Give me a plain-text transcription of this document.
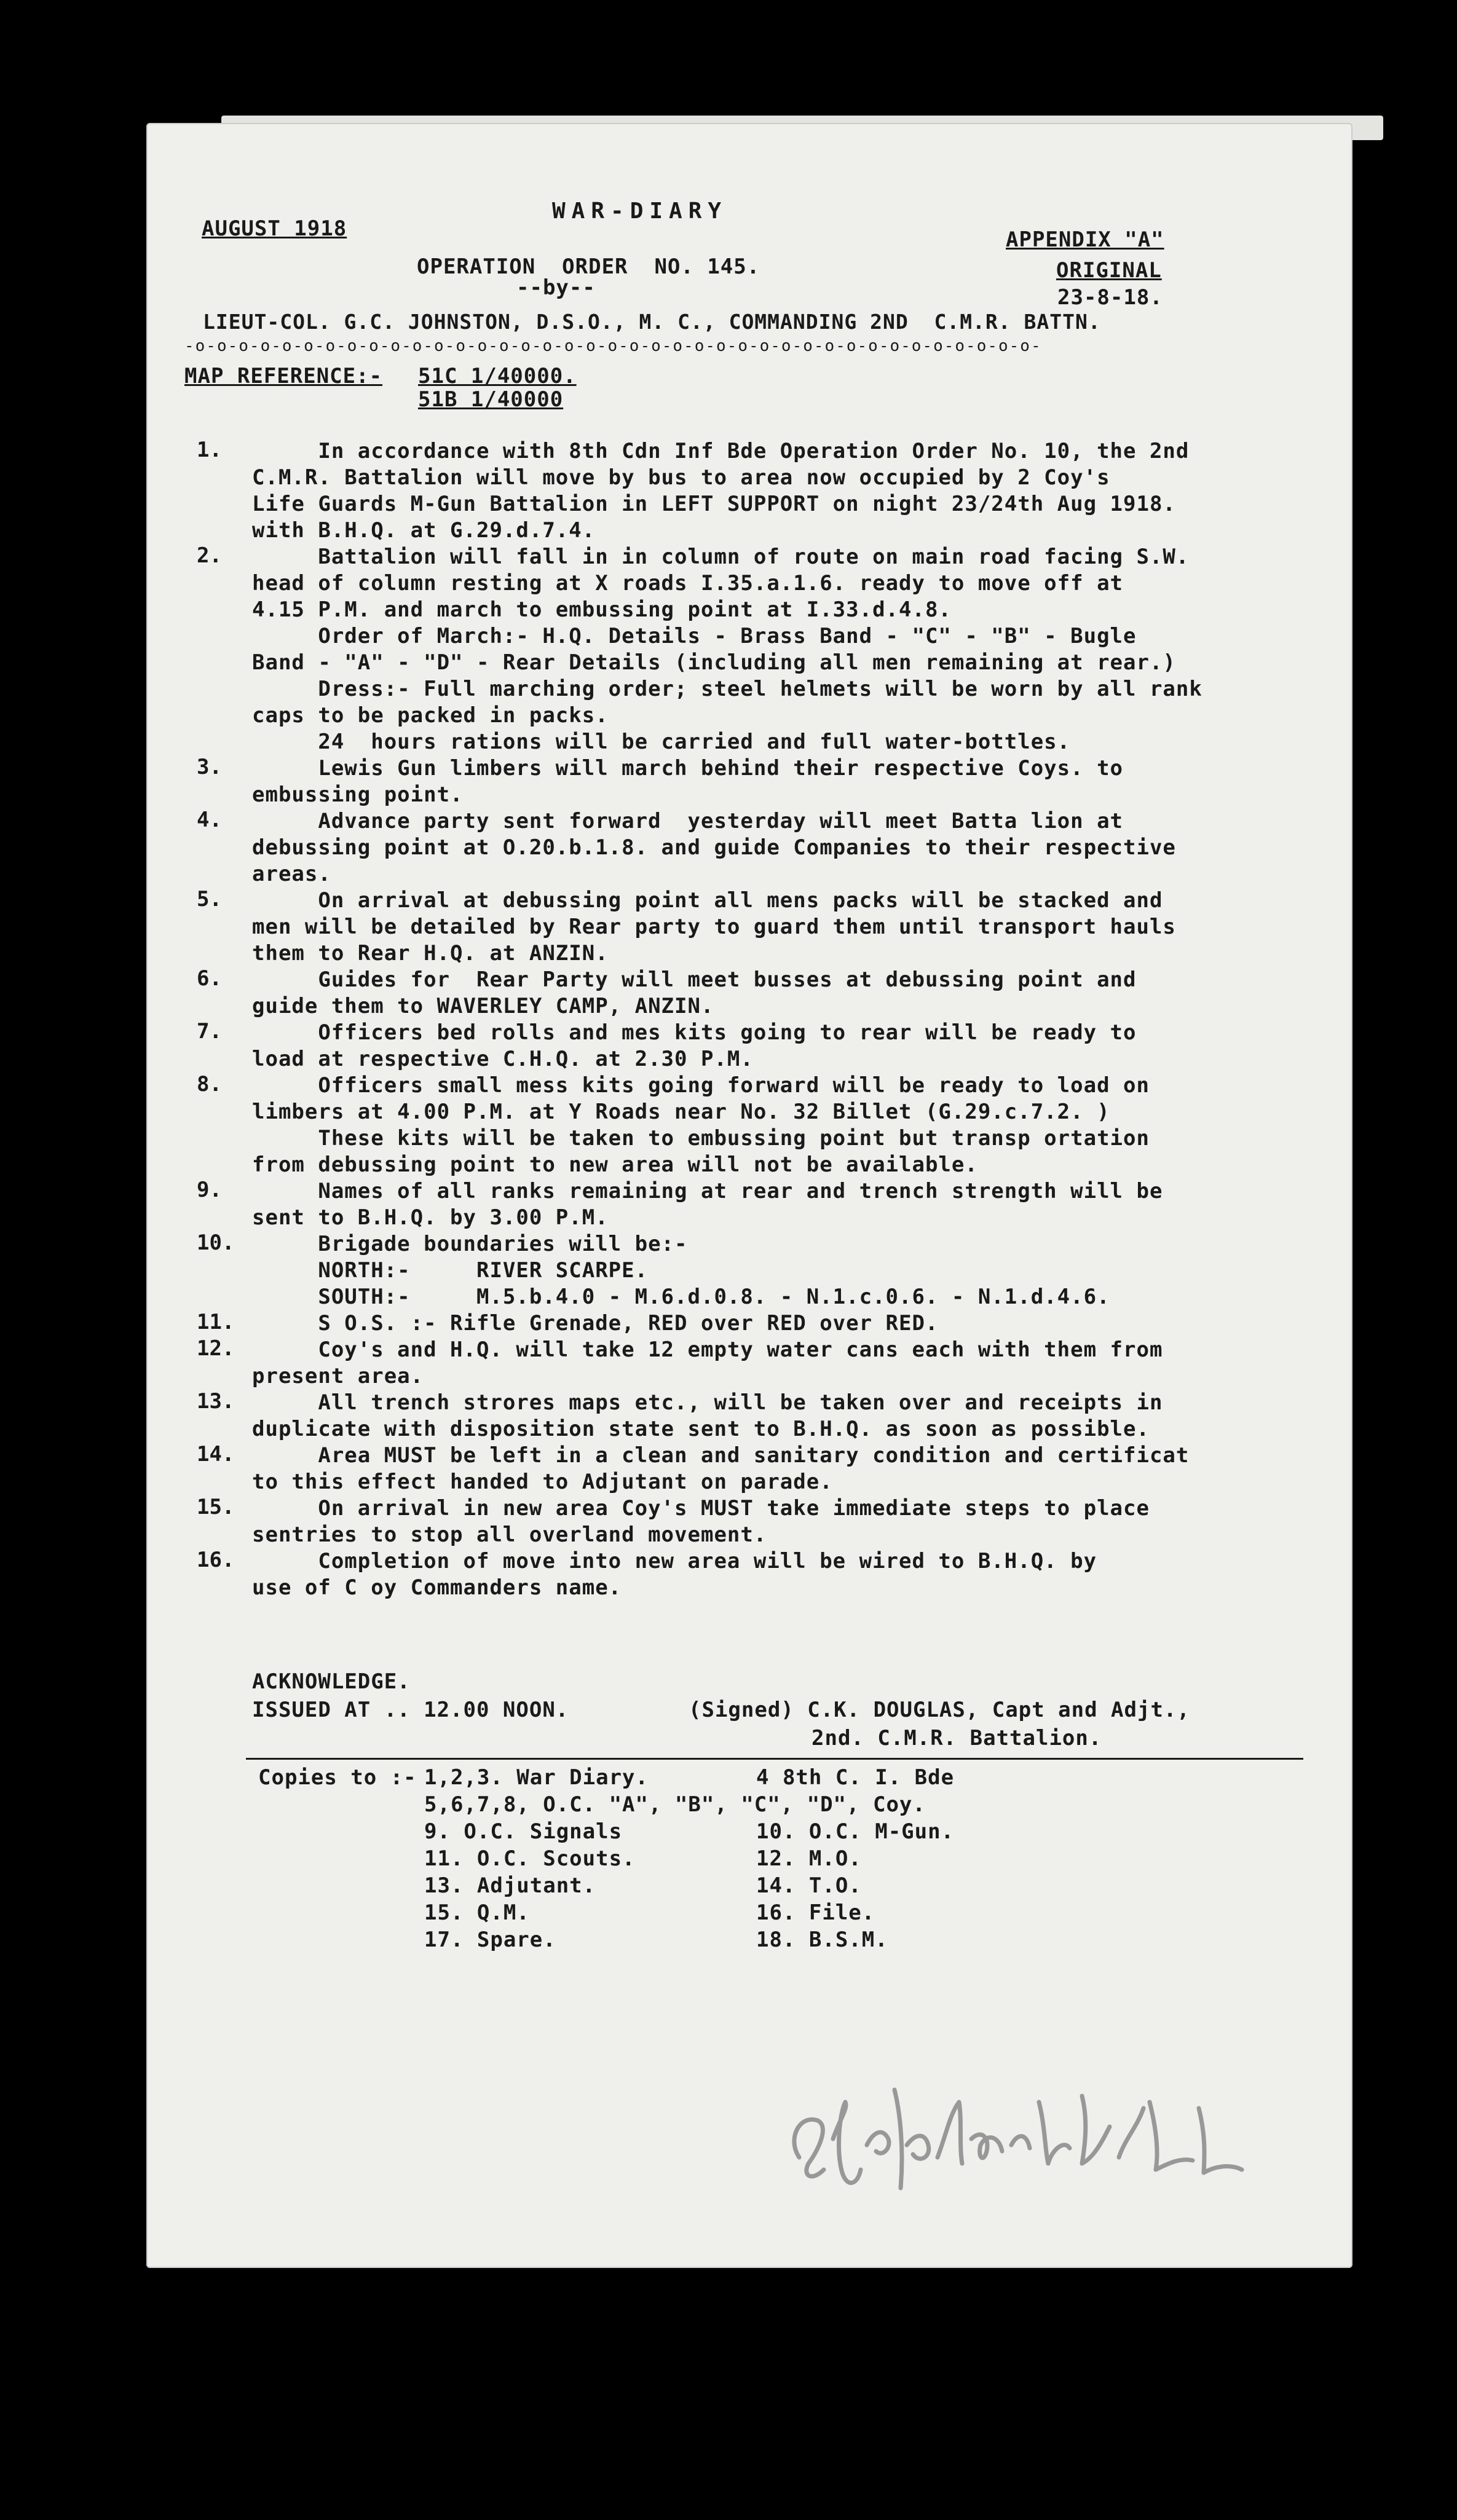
AUGUST 1918
WAR-DIARY
APPENDIX "A"
ORIGINAL
23-8-18.
OPERATION  ORDER  NO. 145.
--by--
LIEUT-COL. G.C. JOHNSTON, D.S.O., M. C., COMMANDING 2ND  C.M.R. BATTN.
-o-o-o-o-o-o-o-o-o-o-o-o-o-o-o-o-o-o-o-o-o-o-o-o-o-o-o-o-o-o-o-o-o-o-o-o-o-o-o-
MAP REFERENCE:- 51C 1/40000.
51B 1/40000
1. In accordance with 8th Cdn Inf Bde Operation Order No. 10, the 2nd
C.M.R. Battalion will move by bus to area now occupied by 2 Coy's
Life Guards M-Gun Battalion in LEFT SUPPORT on night 23/24th Aug 1918.
with B.H.Q. at G.29.d.7.4.
2. Battalion will fall in in column of route on main road facing S.W.
head of column resting at X roads I.35.a.1.6. ready to move off at
4.15 P.M. and march to embussing point at I.33.d.4.8.
Order of March:- H.Q. Details - Brass Band - "C" - "B" - Bugle
Band - "A" - "D" - Rear Details (including all men remaining at rear.)
Dress:- Full marching order; steel helmets will be worn by all rank
caps to be packed in packs.
24  hours rations will be carried and full water-bottles.
3. Lewis Gun limbers will march behind their respective Coys. to
embussing point.
4. Advance party sent forward  yesterday will meet Batta lion at
debussing point at O.20.b.1.8. and guide Companies to their respective
areas.
5. On arrival at debussing point all mens packs will be stacked and
men will be detailed by Rear party to guard them until transport hauls
them to Rear H.Q. at ANZIN.
6. Guides for  Rear Party will meet busses at debussing point and
guide them to WAVERLEY CAMP, ANZIN.
7. Officers bed rolls and mes kits going to rear will be ready to
load at respective C.H.Q. at 2.30 P.M.
8. Officers small mess kits going forward will be ready to load on
limbers at 4.00 P.M. at Y Roads near No. 32 Billet (G.29.c.7.2. )
These kits will be taken to embussing point but transp ortation
from debussing point to new area will not be available.
9. Names of all ranks remaining at rear and trench strength will be
sent to B.H.Q. by 3.00 P.M.
10. Brigade boundaries will be:-
NORTH:-     RIVER SCARPE.
SOUTH:-     M.5.b.4.0 - M.6.d.0.8. - N.1.c.0.6. - N.1.d.4.6.
11. S O.S. :- Rifle Grenade, RED over RED over RED.
12. Coy's and H.Q. will take 12 empty water cans each with them from
present area.
13. All trench strores maps etc., will be taken over and receipts in
duplicate with disposition state sent to B.H.Q. as soon as possible.
14. Area MUST be left in a clean and sanitary condition and certificat
to this effect handed to Adjutant on parade.
15. On arrival in new area Coy's MUST take immediate steps to place
sentries to stop all overland movement.
16. Completion of move into new area will be wired to B.H.Q. by
use of C oy Commanders name.
ACKNOWLEDGE.
ISSUED AT .. 12.00 NOON.	(Signed) C.K. DOUGLAS, Capt and Adjt.,
2nd. C.M.R. Battalion.
Copies to :- 1,2,3. War Diary.	4 8th C. I. Bde
5,6,7,8, O.C. "A", "B", "C", "D", Coy.
9. O.C. Signals	10. O.C. M-Gun.
11. O.C. Scouts.	12. M.O.
13. Adjutant.	14. T.O.
15. Q.M.	16. File.
17. Spare.	18. B.S.M.
